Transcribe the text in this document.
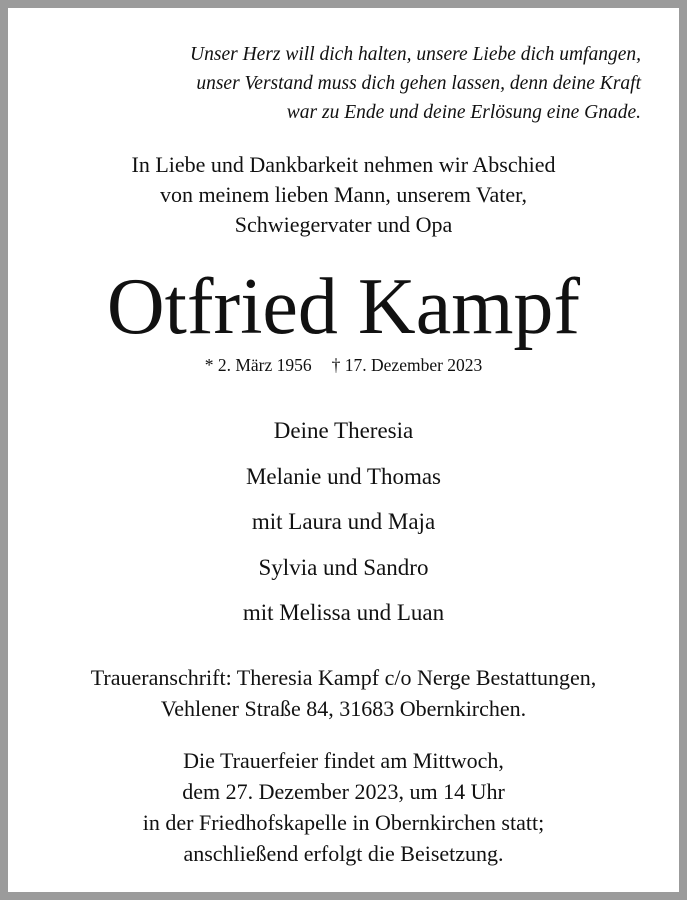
Unser Herz will dich halten, unsere Liebe dich umfangen,
unser Verstand muss dich gehen lassen, denn deine Kraft
war zu Ende und deine Erlösung eine Gnade.
In Liebe und Dankbarkeit nehmen wir Abschied
von meinem lieben Mann, unserem Vater,
Schwiegervater und Opa
Otfried Kampf
* 2. März 1956 † 17. Dezember 2023
Deine Theresia
Melanie und Thomas
mit Laura und Maja
Sylvia und Sandro
mit Melissa und Luan
Traueranschrift: Theresia Kampf c/o Nerge Bestattungen,
Vehlener Straße 84, 31683 Obernkirchen.
Die Trauerfeier findet am Mittwoch,
dem 27. Dezember 2023, um 14 Uhr
in der Friedhofskapelle in Obernkirchen statt;
anschließend erfolgt die Beisetzung.
